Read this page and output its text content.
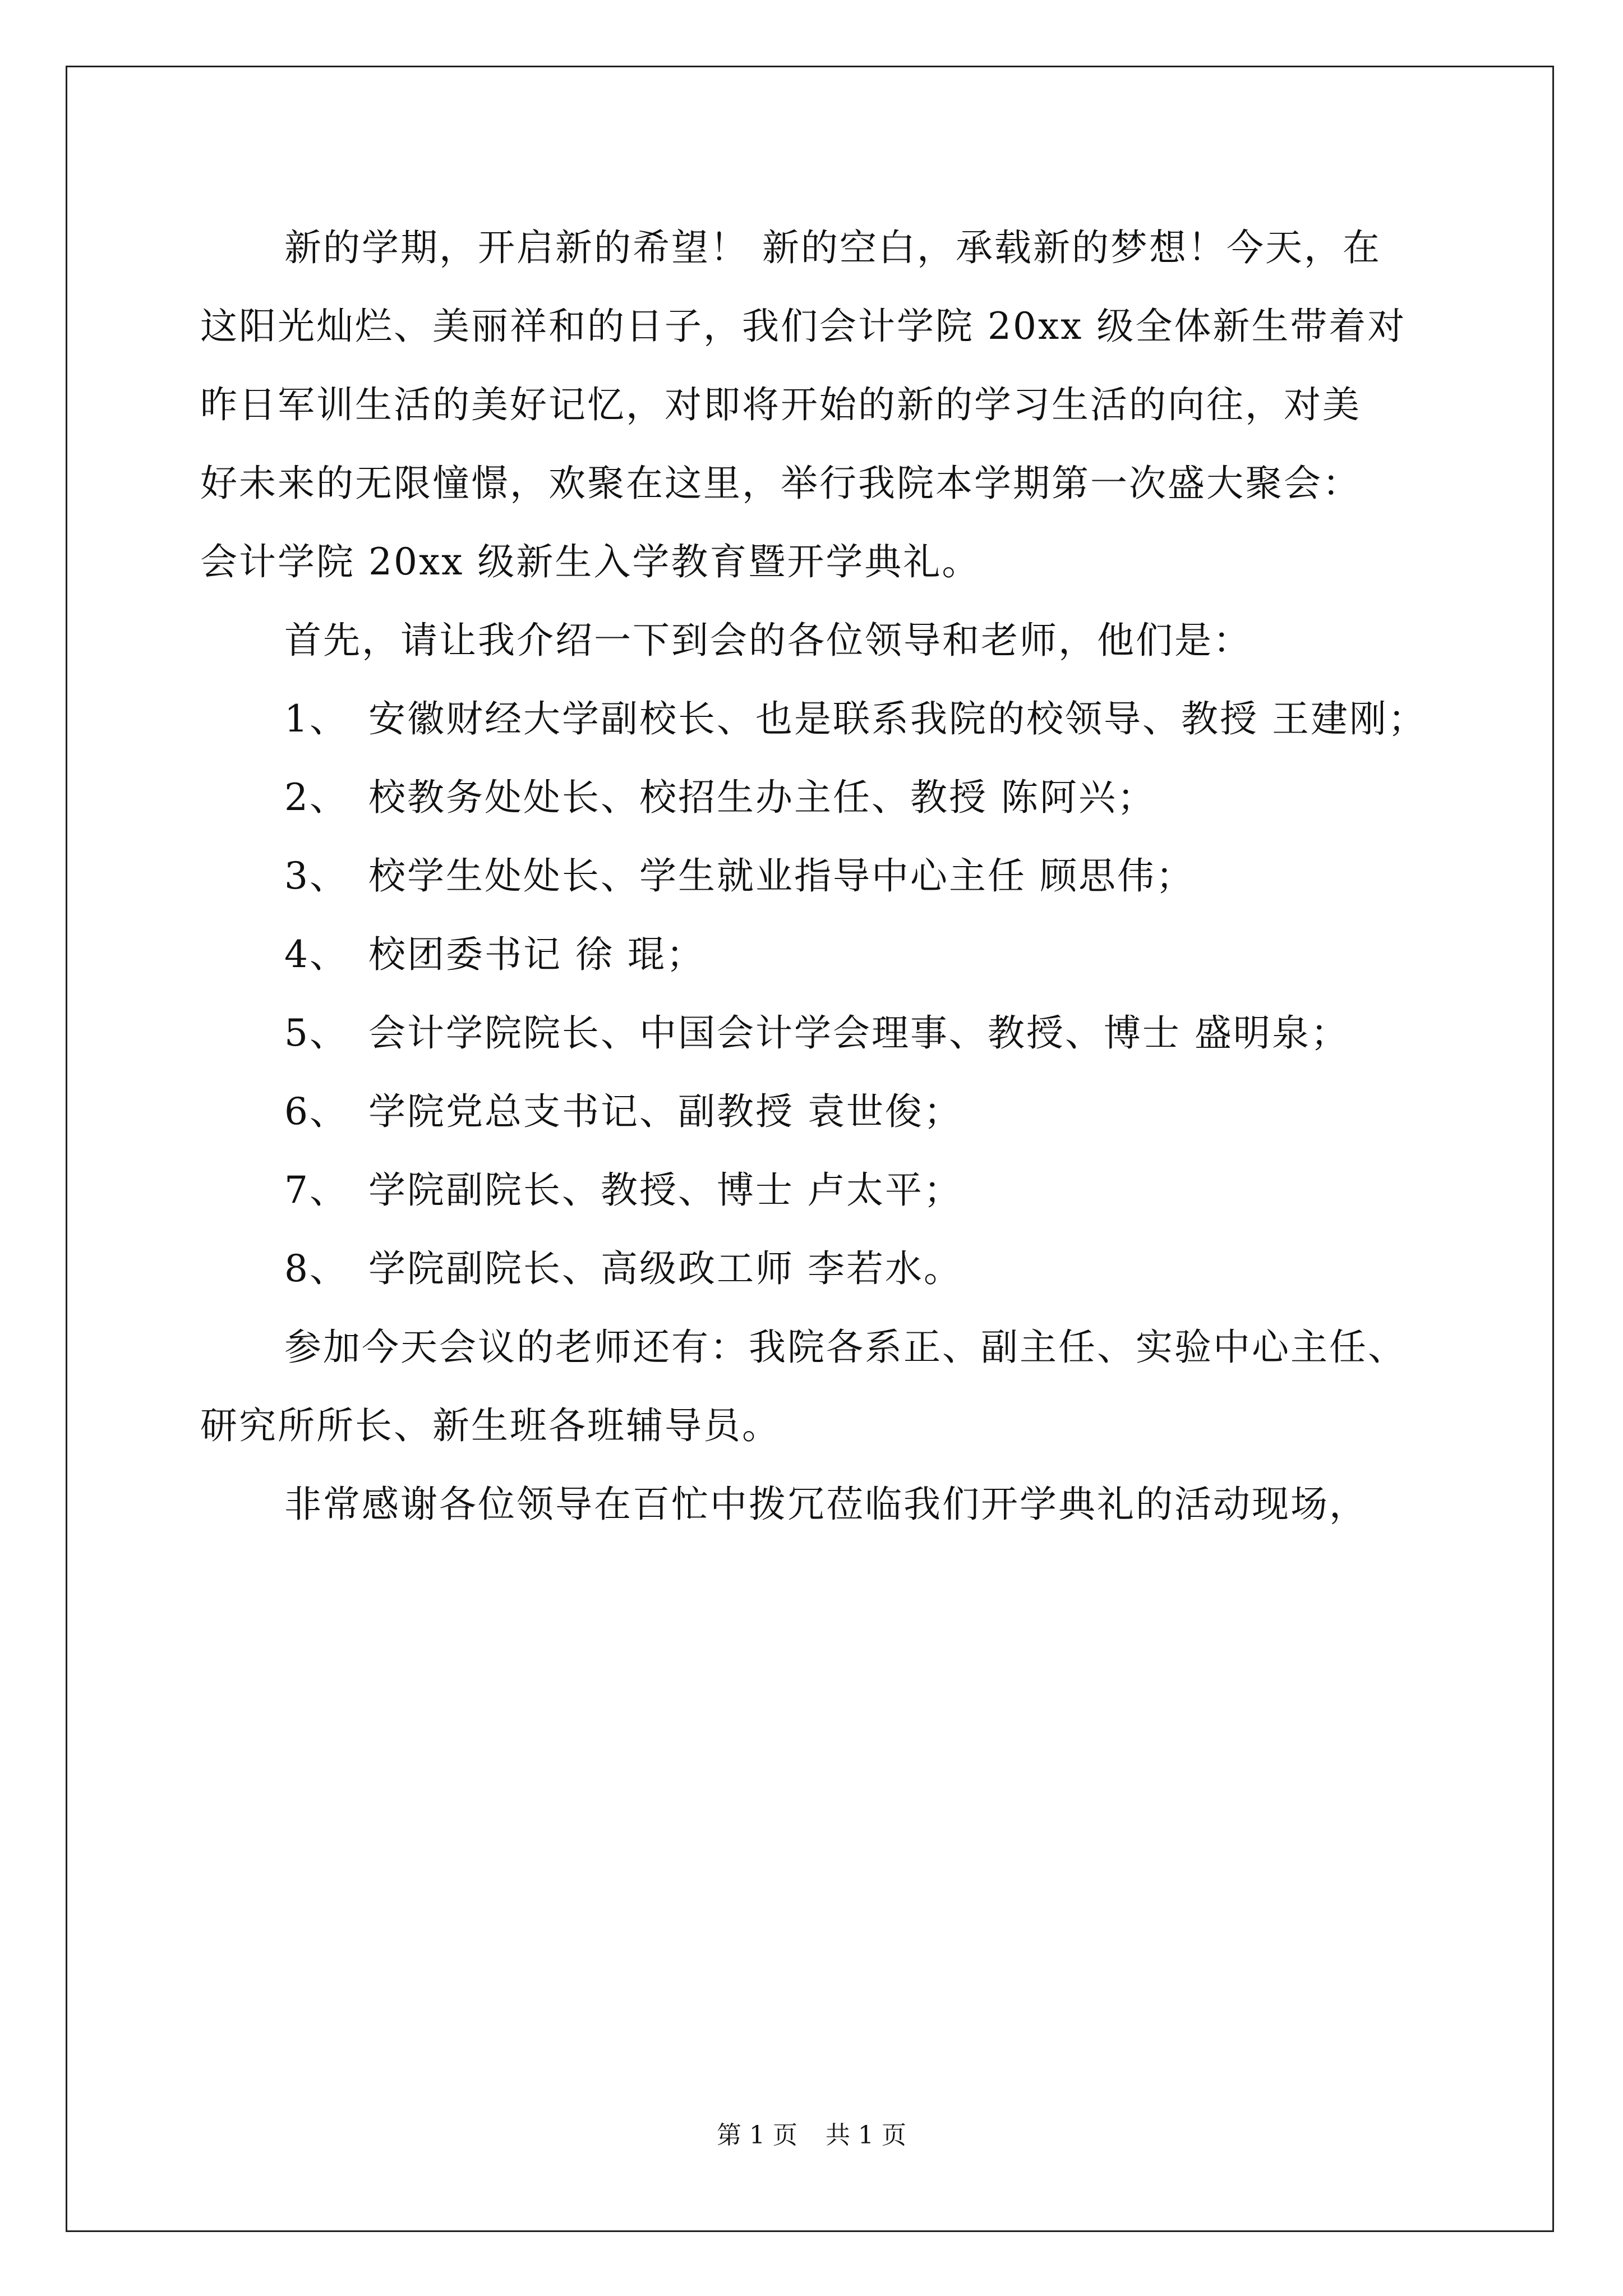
新的学期，开启新的希望！ 新的空白，承载新的梦想！今天，在
这阳光灿烂、美丽祥和的日子，我们会计学院 20xx 级全体新生带着对
昨日军训生活的美好记忆，对即将开始的新的学习生活的向往，对美
好未来的无限憧憬，欢聚在这里，举行我院本学期第一次盛大聚会：
会计学院 20xx 级新生入学教育暨开学典礼。
首先，请让我介绍一下到会的各位领导和老师，他们是：
1、 安徽财经大学副校长、也是联系我院的校领导、教授 王建刚；
2、 校教务处处长、校招生办主任、教授 陈阿兴；
3、 校学生处处长、学生就业指导中心主任 顾思伟；
4、 校团委书记 徐 琨；
5、 会计学院院长、中国会计学会理事、教授、博士 盛明泉；
6、 学院党总支书记、副教授 袁世俊；
7、 学院副院长、教授、博士 卢太平；
8、 学院副院长、高级政工师 李若水。
参加今天会议的老师还有：我院各系正、副主任、实验中心主任、
研究所所长、新生班各班辅导员。
非常感谢各位领导在百忙中拨冗莅临我们开学典礼的活动现场，
第 1 页 共 1 页
